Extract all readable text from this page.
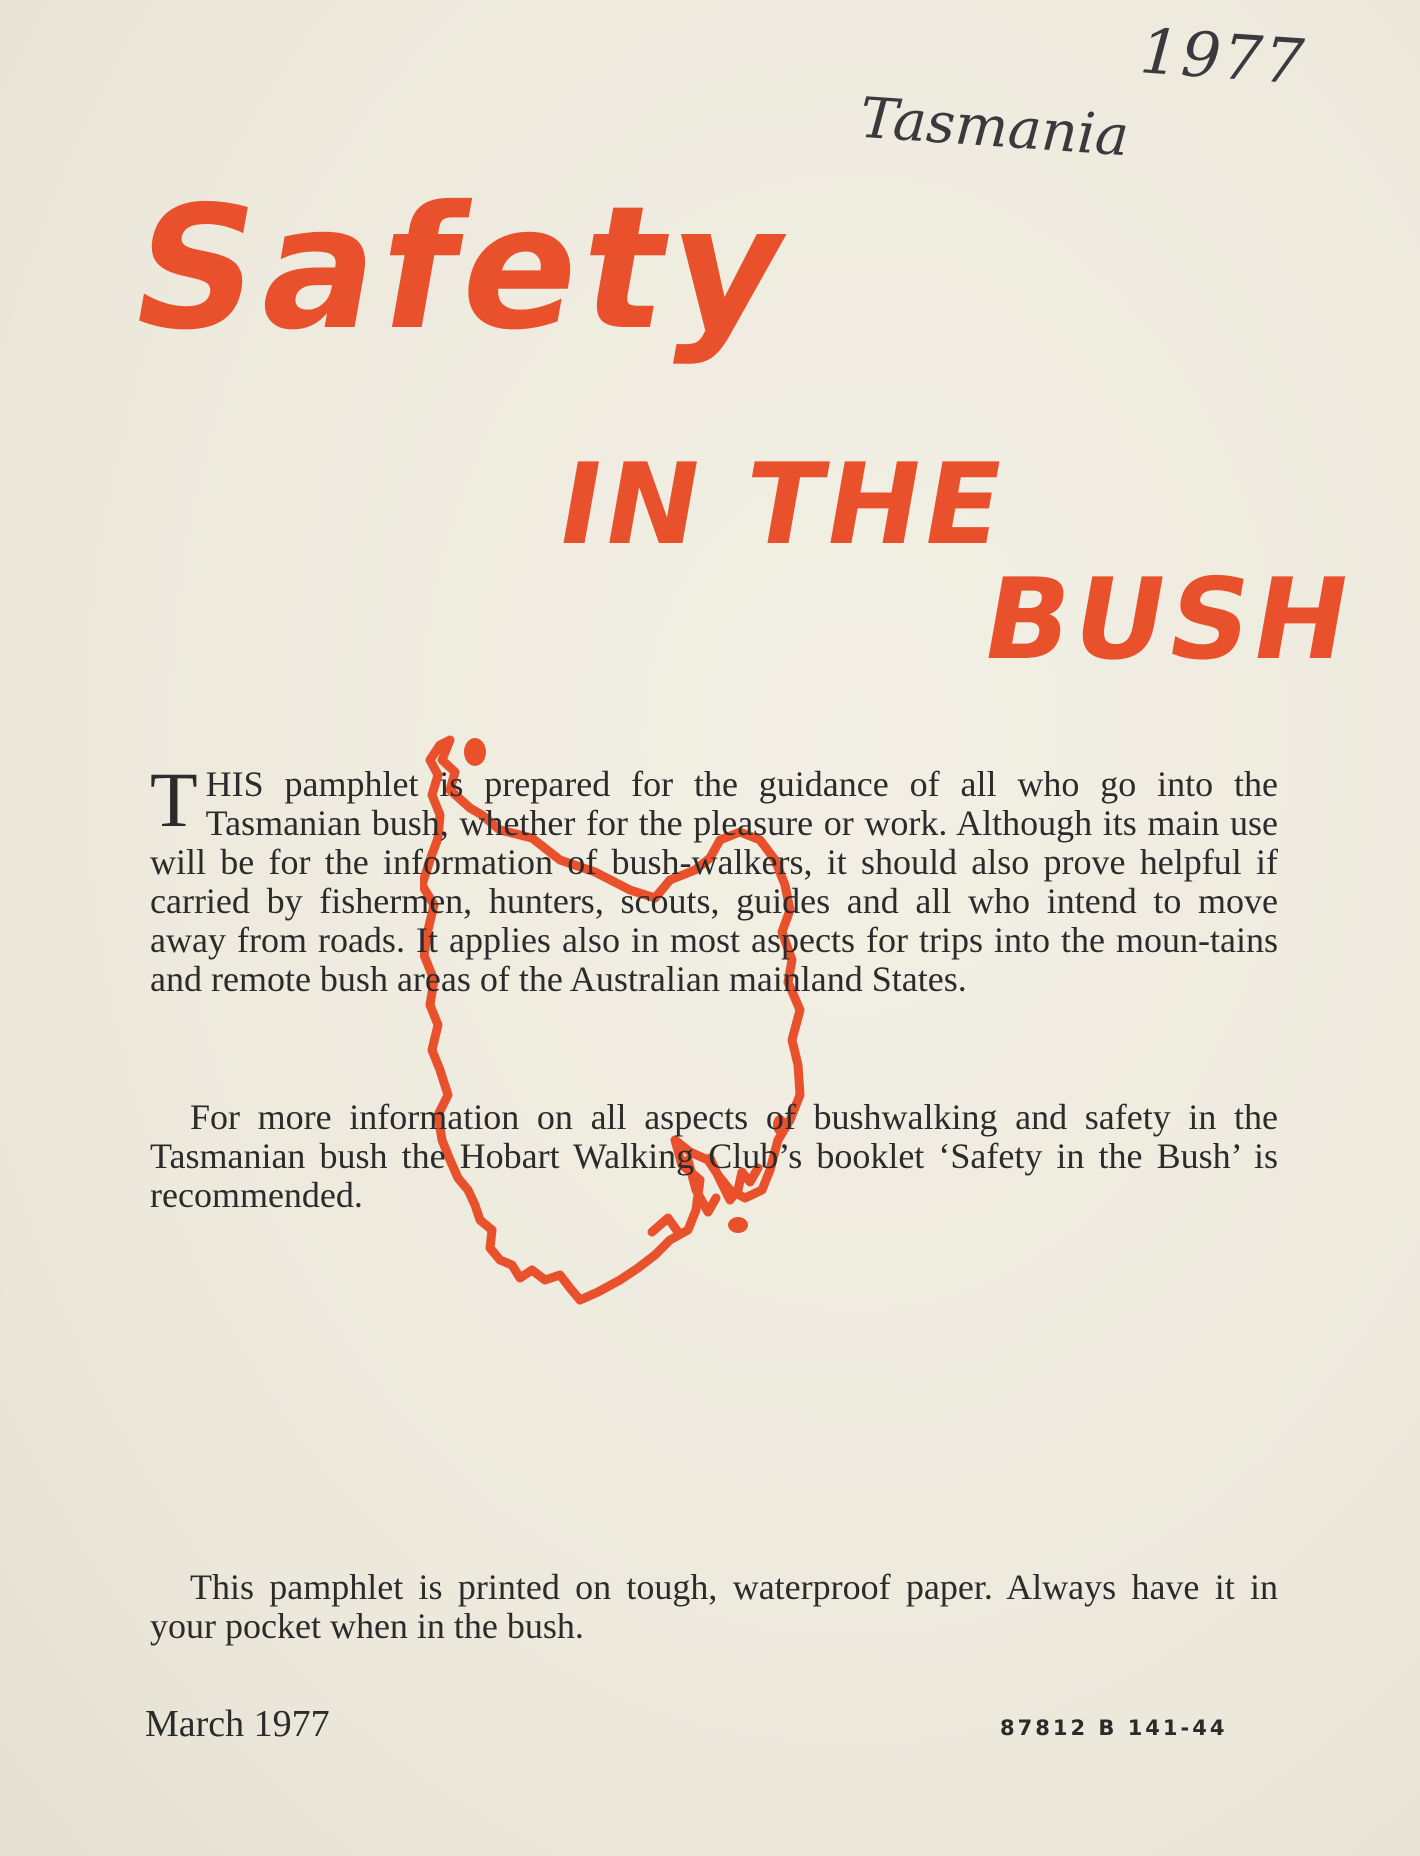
1977
Tasmania
Safety
IN THE
BUSH
THIS pamphlet is prepared for the guidance of all who go into the Tasmanian bush, whether for the pleasure or work. Although its main use will be for the information of bush-walkers, it should also prove helpful if carried by fishermen, hunters, scouts, guides and all who intend to move away from roads. It applies also in most aspects for trips into the moun-tains and remote bush areas of the Australian mainland States.
For more information on all aspects of bushwalking and safety in the Tasmanian bush the Hobart Walking Club’s booklet ‘Safety in the Bush’ is recommended.
This pamphlet is printed on tough, waterproof paper. Always have it in your pocket when in the bush.
March 1977	87812 B 141-44
